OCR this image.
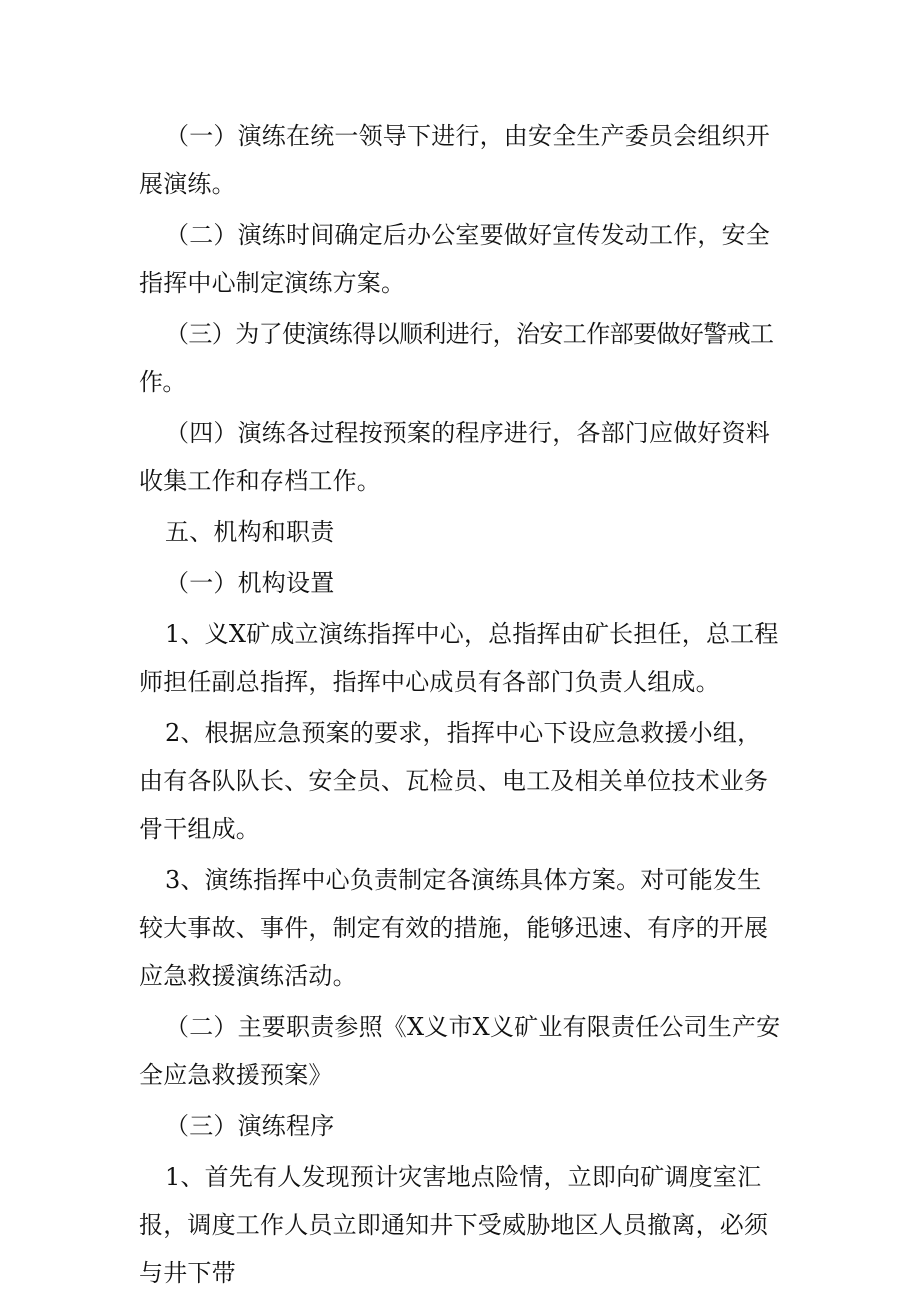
（一）演练在统一领导下进行，由安全生产委员会组织开展演练。

（二）演练时间确定后办公室要做好宣传发动工作，安全指挥中心制定演练方案。

（三）为了使演练得以顺利进行，治安工作部要做好警戒工作。

（四）演练各过程按预案的程序进行，各部门应做好资料收集工作和存档工作。

五、机构和职责

（一）机构设置

1、义X矿成立演练指挥中心，总指挥由矿长担任，总工程师担任副总指挥，指挥中心成员有各部门负责人组成。

2、根据应急预案的要求，指挥中心下设应急救援小组，由有各队队长、安全员、瓦检员、电工及相关单位技术业务骨干组成。

3、演练指挥中心负责制定各演练具体方案。对可能发生较大事故、事件，制定有效的措施，能够迅速、有序的开展应急救援演练活动。

（二）主要职责参照《X义市X义矿业有限责任公司生产安全应急救援预案》

（三）演练程序

1、首先有人发现预计灾害地点险情，立即向矿调度室汇报，调度工作人员立即通知井下受威胁地区人员撤离，必须与井下带
